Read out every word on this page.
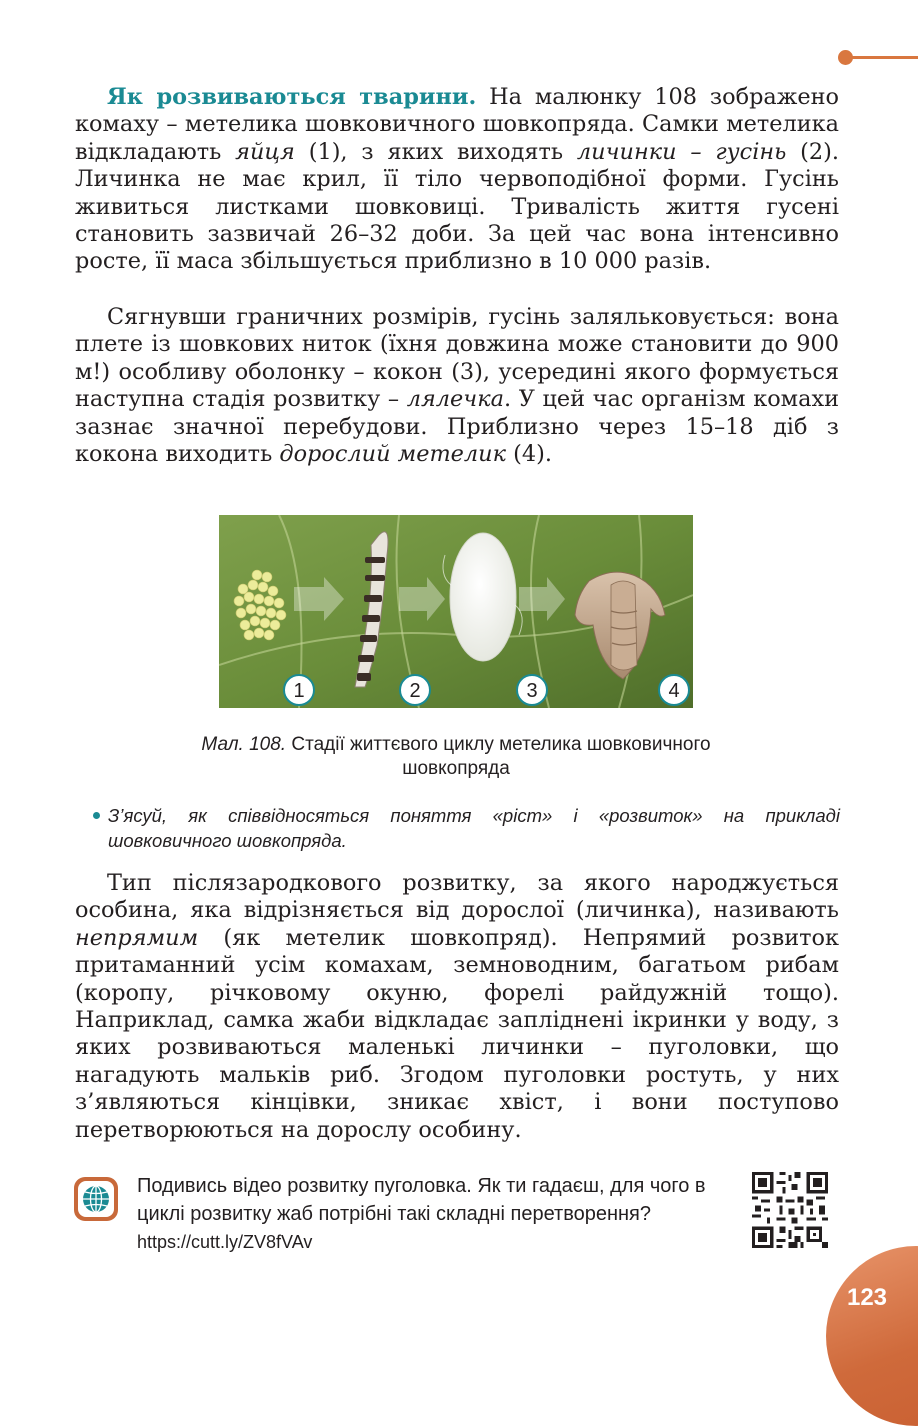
Як розвиваються тварини. На малюнку 108 зображено комаху – метелика шовковичного шовкопряда. Самки метелика відкладають яйця (1), з яких виходять личинки – гусінь (2). Личинка не має крил, її тіло червоподібної форми. Гусінь живиться листками шовковиці. Тривалість життя гусені становить зазвичай 26–32 доби. За цей час вона інтенсивно росте, її маса збільшується приблизно в 10 000 разів.

Сягнувши граничних розмірів, гусінь заляльковується: вона плете із шовкових ниток (їхня довжина може становити до 900 м!) особливу оболонку – кокон (3), усередині якого формується наступна стадія розвитку – лялечка. У цей час організм комахи зазнає значної перебудови. Приблизно через 15–18 діб з кокона виходить дорослий метелик (4).

1	2	3	4
Мал. 108. Стадії життєвого циклу метелика шовковичного шовкопряда
З’ясуй, як співвідносяться поняття «ріст» і «розвиток» на прикладі шовковичного шовкопряда.

Тип післязародкового розвитку, за якого народжується особина, яка відрізняється від дорослої (личинка), називають непрямим (як метелик шовкопряд). Непрямий розвиток притаманний усім комахам, земноводним, багатьом рибам (коропу, річковому окуню, форелі райдужній тощо). Наприклад, самка жаби відкладає запліднені ікринки у воду, з яких розвиваються маленькі личинки – пуголовки, що нагадують мальків риб. Згодом пуголовки ростуть, у них з’являються кінцівки, зникає хвіст, і вони поступово перетворюються на дорослу особину.

Подивись відео розвитку пуголовка. Як ти гадаєш, для чого в циклі розвитку жаб потрібні такі складні перетворення? https://cutt.ly/ZV8fVAv
123
